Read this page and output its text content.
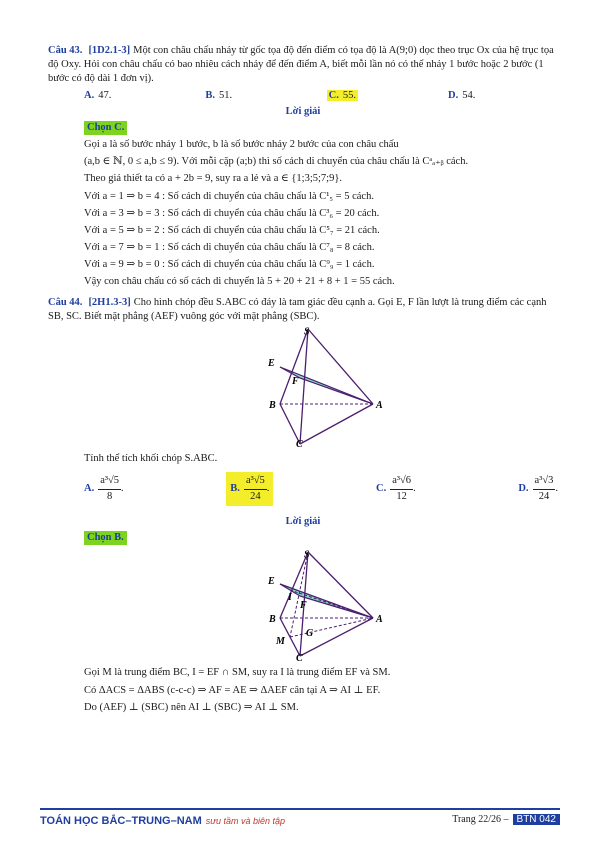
Câu 43. [1D2.1-3] Một con châu chấu nhảy từ gốc tọa độ đến điểm có tọa độ là A(9;0) dọc theo trục Ox của hệ trục tọa độ Oxy. Hỏi con châu chấu có bao nhiêu cách nhảy để đến điểm A, biết mỗi lần nó có thể nhảy 1 bước hoặc 2 bước (1 bước có độ dài 1 đơn vị).

A. 47.	B. 51.	C. 55.	D. 54.
Lời giải
Chọn C.

Gọi a là số bước nhảy 1 bước, b là số bước nhảy 2 bước của con châu chấu

(a,b ∈ ℕ, 0 ≤ a,b ≤ 9). Với mỗi cặp (a;b) thì số cách di chuyển của châu chấu là Cᵃₐ₊ᵦ cách.

Theo giả thiết ta có a + 2b = 9, suy ra a lẻ và a ∈ {1;3;5;7;9}.

Với a = 1 ⇒ b = 4 : Số cách di chuyển của châu chấu là C¹₅ = 5 cách.

Với a = 3 ⇒ b = 3 : Số cách di chuyển của châu chấu là C³₆ = 20 cách.

Với a = 5 ⇒ b = 2 : Số cách di chuyển của châu chấu là C⁵₇ = 21 cách.

Với a = 7 ⇒ b = 1 : Số cách di chuyển của châu chấu là C⁷₈ = 8 cách.

Với a = 9 ⇒ b = 0 : Số cách di chuyển của châu chấu là C⁹₉ = 1 cách.

Vậy con châu chấu có số cách di chuyển là 5 + 20 + 21 + 8 + 1 = 55 cách.

Câu 44. [2H1.3-3] Cho hình chóp đều S.ABC có đáy là tam giác đều cạnh a. Gọi E, F lần lượt là trung điểm các cạnh SB, SC. Biết mặt phẳng (AEF) vuông góc với mặt phẳng (SBC).

S
E
F
B	A
C

Tính thể tích khối chóp S.ABC.

A. $\frac{\text{a³√5}}{8}$ .	B. $\frac{\text{a³√5}}{24}$ .	C. $\frac{\text{a³√6}}{12}$ .	D. $\frac{\text{a³√3}}{24}$ .
Lời giải
Chọn B.
S
E
I
F
B	A
M
G
C

Gọi M là trung điểm BC, I = EF ∩ SM, suy ra I là trung điểm EF và SM.

Có ΔACS = ΔABS (c-c-c) ⇒ AF = AE ⇒ ΔAEF cân tại A ⇒ AI ⊥ EF.

Do (AEF) ⊥ (SBC) nên AI ⊥ (SBC) ⇒ AI ⊥ SM.

TOÁN HỌC BẮC–TRUNG–NAM sưu tầm và biên tập	Trang 22/26 – BTN 042
